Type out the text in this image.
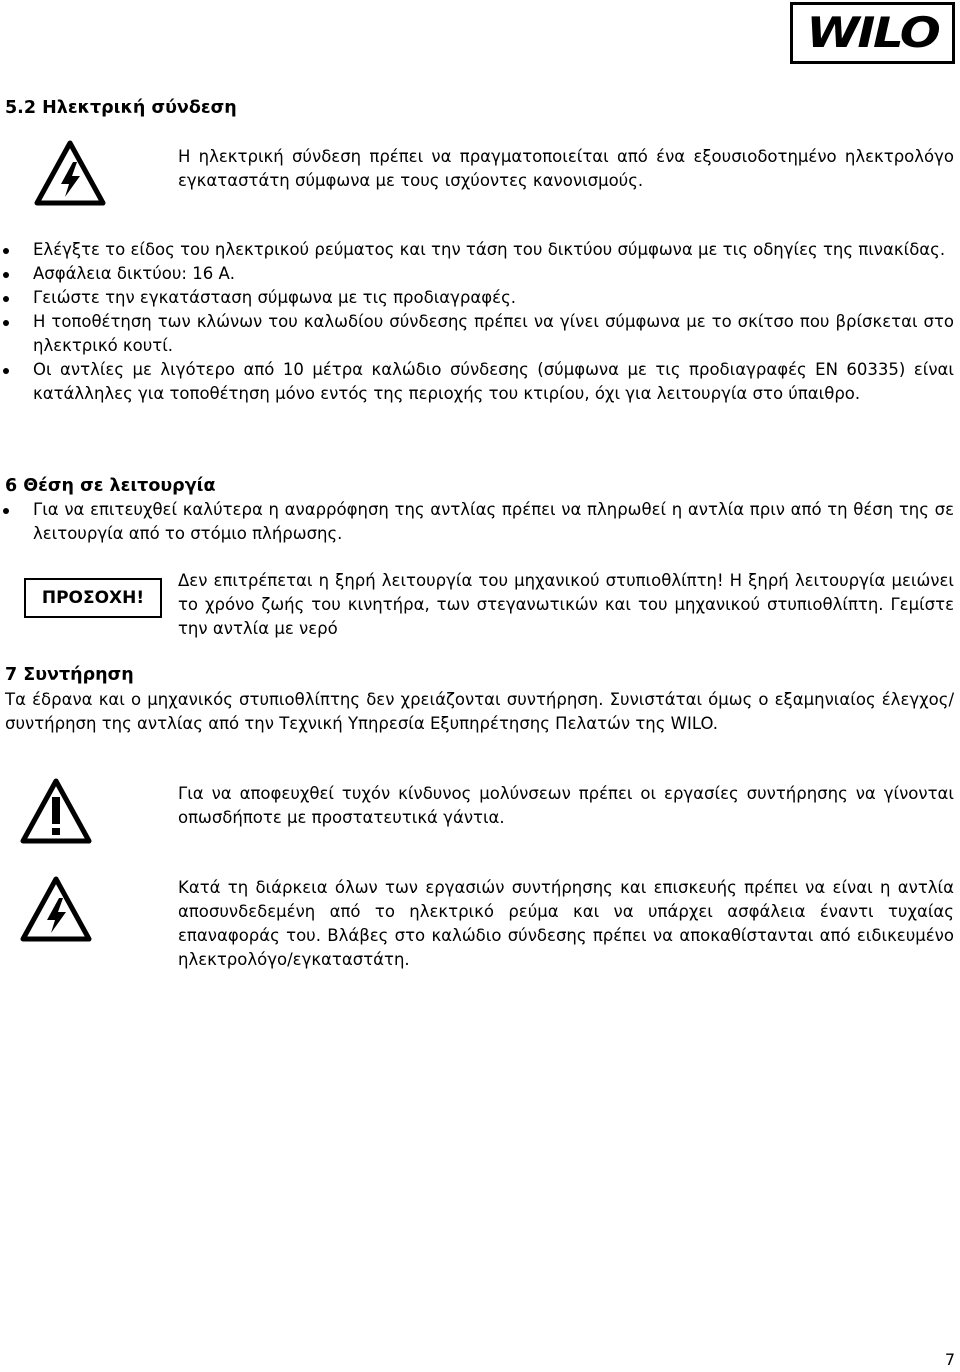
WILO
5.2 Ηλεκτρική σύνδεση
Η ηλεκτρική σύνδεση πρέπει να πραγματοποιείται από ένα εξουσιοδοτημένο ηλεκτρολόγο εγκαταστάτη σύμφωνα με τους ισχύοντες κανονισμούς.
Ελέγξτε το είδος του ηλεκτρικού ρεύματος και την τάση του δικτύου σύμφωνα με τις οδηγίες της πινακίδας.
Ασφάλεια δικτύου: 16 Α.
Γειώστε την εγκατάσταση σύμφωνα με τις προδιαγραφές.
Η τοποθέτηση των κλώνων του καλωδίου σύνδεσης πρέπει να γίνει σύμφωνα με το σκίτσο που βρίσκεται στο ηλεκτρικό κουτί.
Οι αντλίες με λιγότερο από 10 μέτρα καλώδιο σύνδεσης (σύμφωνα με τις προδιαγραφές ΕΝ 60335) είναι κατάλληλες για τοποθέτηση μόνο εντός της περιοχής του κτιρίου, όχι για λειτουργία στο ύπαιθρο.
6 Θέση σε λειτουργία
Για να επιτευχθεί καλύτερα η αναρρόφηση της αντλίας πρέπει να πληρωθεί η αντλία πριν από τη θέση της σε λειτουργία από το στόμιο πλήρωσης.
ΠΡΟΣΟΧΗ!
Δεν επιτρέπεται η ξηρή λειτουργία του μηχανικού στυπιοθλίπτη! Η ξηρή λειτουργία μειώνει το χρόνο ζωής του κινητήρα, των στεγανωτικών και του μηχανικού στυπιοθλίπτη. Γεμίστε την αντλία με νερό
7 Συντήρηση
Τα έδρανα και ο μηχανικός στυπιοθλίπτης δεν χρειάζονται συντήρηση. Συνιστάται όμως ο εξαμηνιαίος έλεγχος/συντήρηση της αντλίας από την Τεχνική Υπηρεσία Εξυπηρέτησης Πελατών της WILO.
Για να αποφευχθεί τυχόν κίνδυνος μολύνσεων πρέπει οι εργασίες συντήρησης να γίνονται οπωσδήποτε με προστατευτικά γάντια.
Κατά τη διάρκεια όλων των εργασιών συντήρησης και επισκευής πρέπει να είναι η αντλία αποσυνδεδεμένη από το ηλεκτρικό ρεύμα και να υπάρχει ασφάλεια έναντι τυχαίας επαναφοράς του. Βλάβες στο καλώδιο σύνδεσης πρέπει να αποκαθίστανται από ειδικευμένο ηλεκτρολόγο/εγκαταστάτη.
7
